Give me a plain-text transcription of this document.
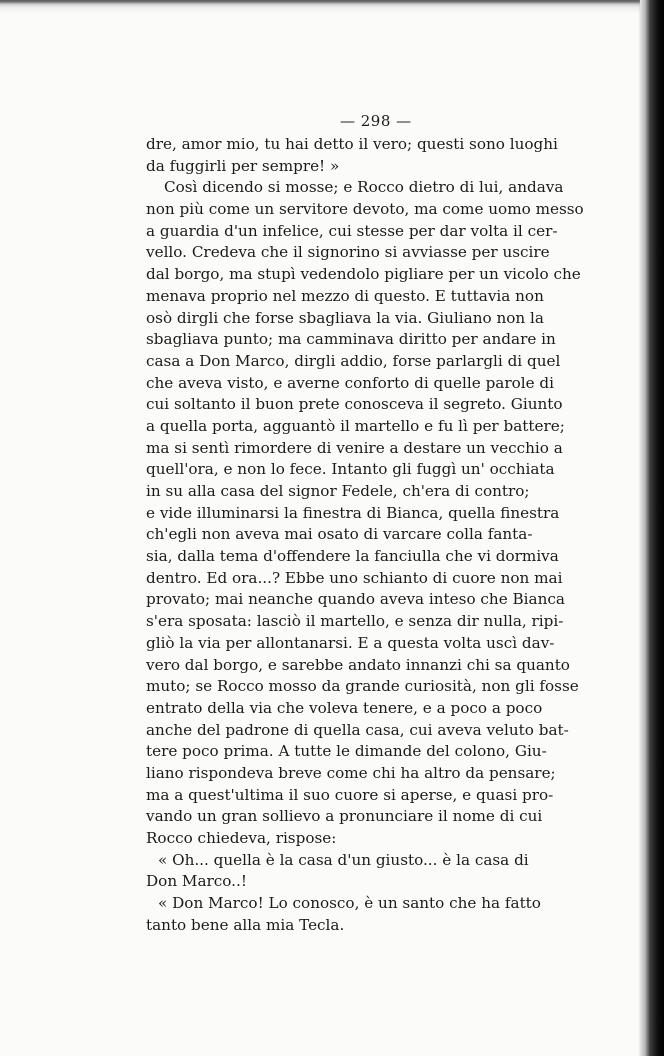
— 298 —
dre, amor mio, tu hai detto il vero; questi sono luoghi
da fuggirli per sempre! »
Così dicendo si mosse; e Rocco dietro di lui, andava
non più come un servitore devoto, ma come uomo messo
a guardia d'un infelice, cui stesse per dar volta il cer-
vello. Credeva che il signorino si avviasse per uscire
dal borgo, ma stupì vedendolo pigliare per un vicolo che
menava proprio nel mezzo di questo. E tuttavia non
osò dirgli che forse sbagliava la via. Giuliano non la
sbagliava punto; ma camminava diritto per andare in
casa a Don Marco, dirgli addio, forse parlargli di quel
che aveva visto, e averne conforto di quelle parole di
cui soltanto il buon prete conosceva il segreto. Giunto
a quella porta, agguantò il martello e fu lì per battere;
ma si sentì rimordere di venire a destare un vecchio a
quell'ora, e non lo fece. Intanto gli fuggì un' occhiata
in su alla casa del signor Fedele, ch'era di contro;
e vide illuminarsi la finestra di Bianca, quella finestra
ch'egli non aveva mai osato di varcare colla fanta-
sia, dalla tema d'offendere la fanciulla che vi dormiva
dentro. Ed ora...? Ebbe uno schianto di cuore non mai
provato; mai neanche quando aveva inteso che Bianca
s'era sposata: lasciò il martello, e senza dir nulla, ripi-
gliò la via per allontanarsi. E a questa volta uscì dav-
vero dal borgo, e sarebbe andato innanzi chi sa quanto
muto; se Rocco mosso da grande curiosità, non gli fosse
entrato della via che voleva tenere, e a poco a poco
anche del padrone di quella casa, cui aveva veluto bat-
tere poco prima. A tutte le dimande del colono, Giu-
liano rispondeva breve come chi ha altro da pensare;
ma a quest'ultima il suo cuore si aperse, e quasi pro-
vando un gran sollievo a pronunciare il nome di cui
Rocco chiedeva, rispose:
« Oh... quella è la casa d'un giusto... è la casa di
Don Marco..!
« Don Marco! Lo conosco, è un santo che ha fatto
tanto bene alla mia Tecla.
